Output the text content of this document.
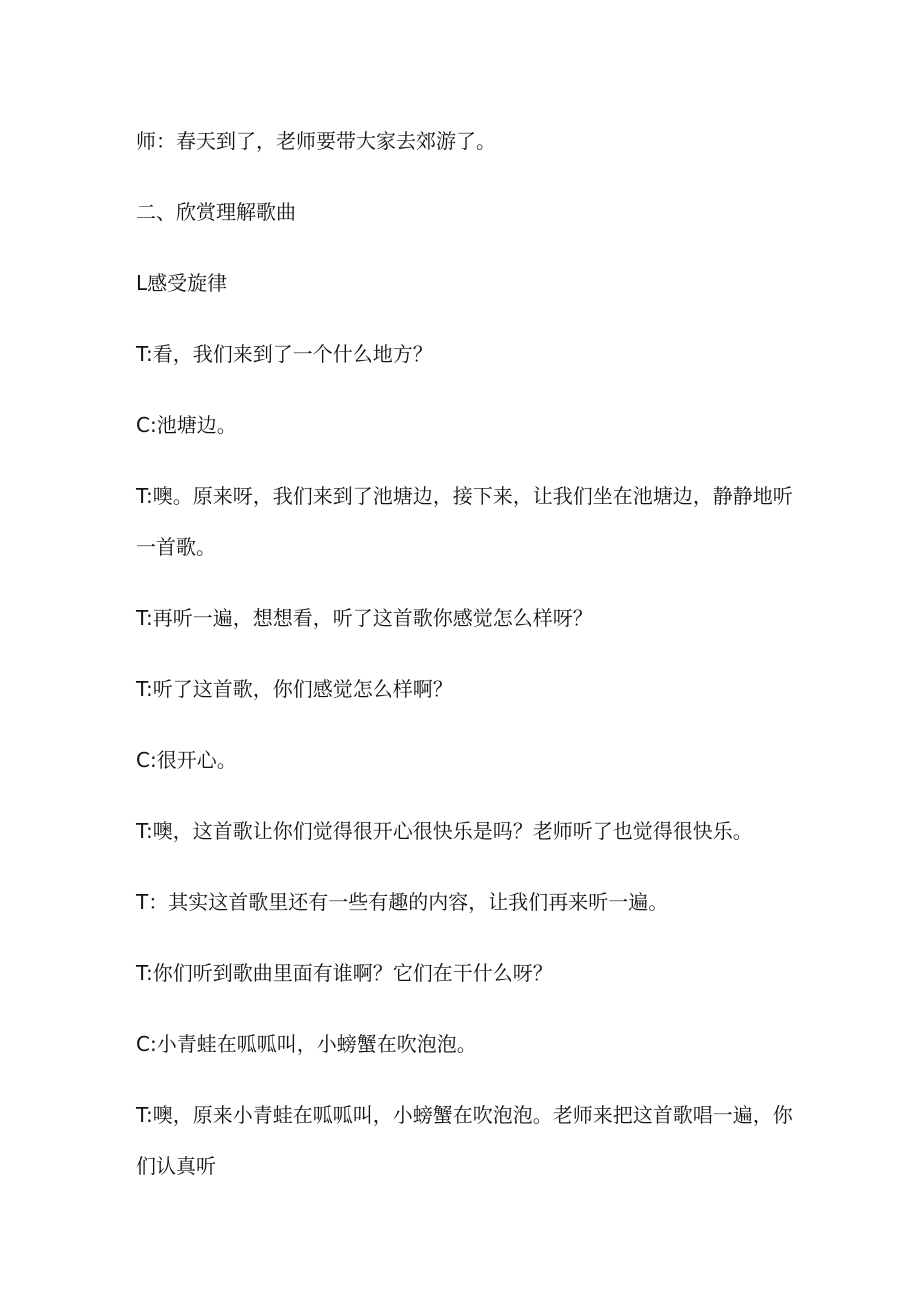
师：春天到了，老师要带大家去郊游了。

二、欣赏理解歌曲

L感受旋律

T:看，我们来到了一个什么地方？

C:池塘边。

T:噢。原来呀，我们来到了池塘边，接下来，让我们坐在池塘边，静静地听一首歌。

T:再听一遍，想想看，听了这首歌你感觉怎么样呀？

T:听了这首歌，你们感觉怎么样啊？

C:很开心。

T:噢，这首歌让你们觉得很开心很快乐是吗？老师听了也觉得很快乐。

T：其实这首歌里还有一些有趣的内容，让我们再来听一遍。

T:你们听到歌曲里面有谁啊？它们在干什么呀？

C:小青蛙在呱呱叫，小螃蟹在吹泡泡。

T:噢，原来小青蛙在呱呱叫，小螃蟹在吹泡泡。老师来把这首歌唱一遍，你们认真听
